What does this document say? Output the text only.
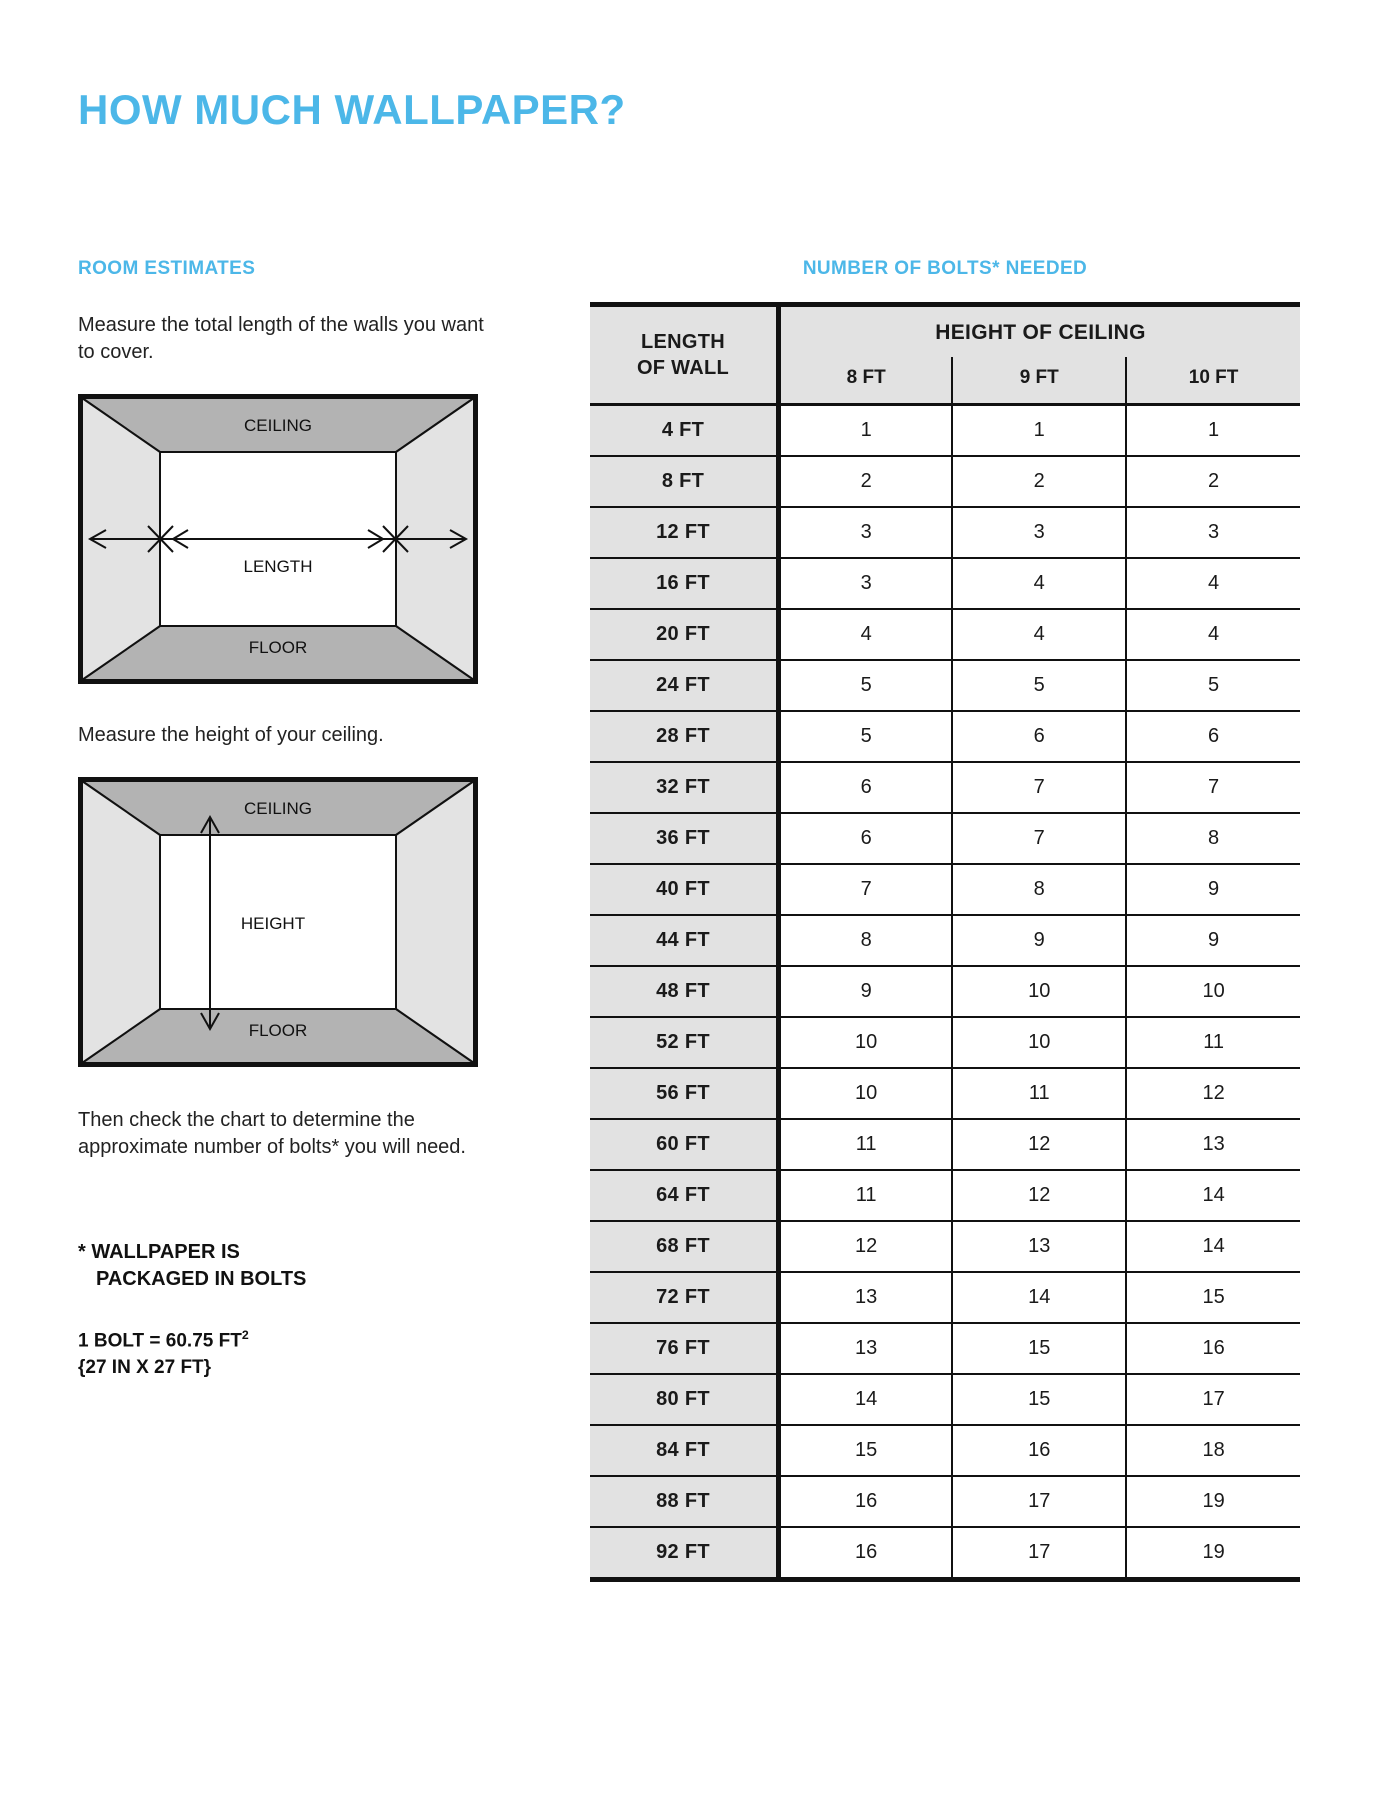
HOW MUCH WALLPAPER?
ROOM ESTIMATES

Measure the total length of the walls you want to cover.

LENGTH
CEILING
FLOOR

Measure the height of your ceiling.

HEIGHT
CEILING
FLOOR

Then check the chart to determine the approximate number of bolts* you will need.

* WALLPAPER IS
PACKAGED IN BOLTS
1 BOLT = 60.75 $FT^2$
{27 IN X 27 FT}
NUMBER OF BOLTS* NEEDED
LENGTH
OF WALL	HEIGHT OF CEILING		
	8 FT	9 FT	10 FT
4 FT	1	1	1
8 FT	2	2	2
12 FT	3	3	3
16 FT	3	4	4
20 FT	4	4	4
24 FT	5	5	5
28 FT	5	6	6
32 FT	6	7	7
36 FT	6	7	8
40 FT	7	8	9
44 FT	8	9	9
48 FT	9	10	10
52 FT	10	10	11
56 FT	10	11	12
60 FT	11	12	13
64 FT	11	12	14
68 FT	12	13	14
72 FT	13	14	15
76 FT	13	15	16
80 FT	14	15	17
84 FT	15	16	18
88 FT	16	17	19
92 FT	16	17	19
